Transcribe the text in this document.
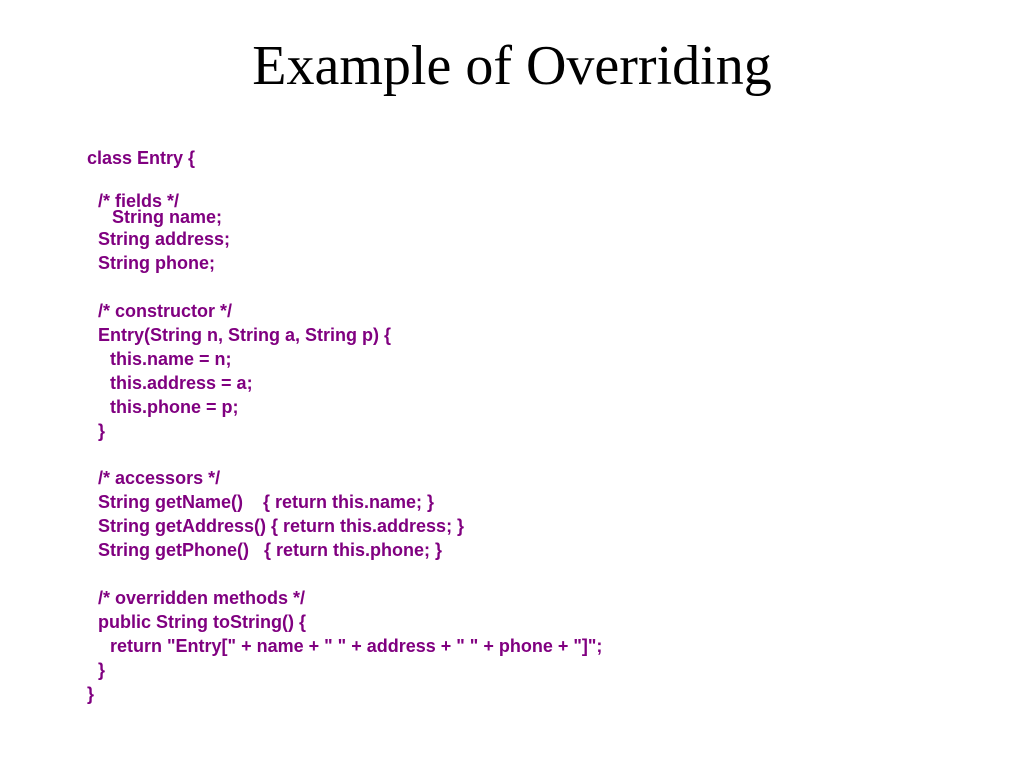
Example of Overriding
class Entry {
/* fields */
String name;
String address;
String phone;
/* constructor */
Entry(String n, String a, String p) {
this.name = n;
this.address = a;
this.phone = p;
}
/* accessors */
String getName()    { return this.name; }
String getAddress() { return this.address; }
String getPhone()   { return this.phone; }
/* overridden methods */
public String toString() {
return "Entry[" + name + " " + address + " " + phone + "]";
}
}
